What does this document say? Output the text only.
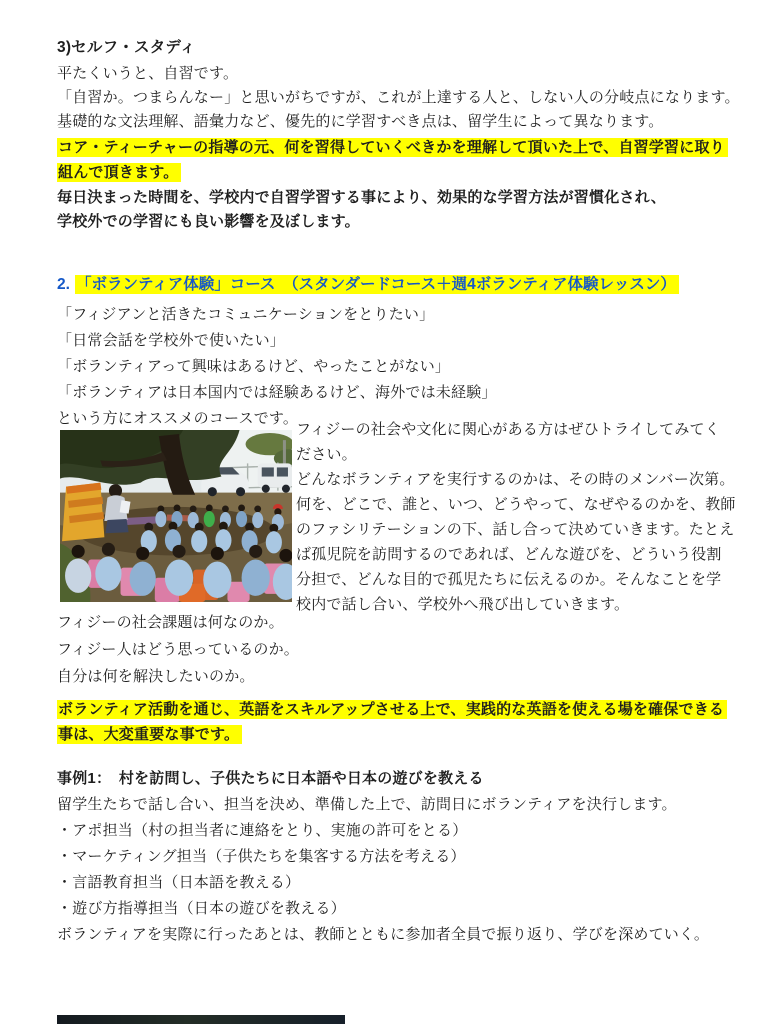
3)セルフ・スタディ
平たくいうと、自習です。
「自習か。つまらんなー」と思いがちですが、これが上達する人と、しない人の分岐点になります。
基礎的な文法理解、語彙力など、優先的に学習すべき点は、留学生によって異なります。
コア・ティーチャーの指導の元、何を習得していくべきかを理解して頂いた上で、自習学習に取り
組んで頂きます。
毎日決まった時間を、学校内で自習学習する事により、効果的な学習方法が習慣化され、
学校外での学習にも良い影響を及ぼします。
2. 「ボランティア体験」コース　（スタンダードコース＋週4ボランティア体験レッスン）
「フィジアンと活きたコミュニケーションをとりたい」
「日常会話を学校外で使いたい」
「ボランティアって興味はあるけど、やったことがない」
「ボランティアは日本国内では経験あるけど、海外では未経験」
という方にオススメのコースです。
フィジーの社会や文化に関心がある方はぜひトライしてみてく
ださい。
どんなボランティアを実行するのかは、その時のメンバー次第。
何を、どこで、誰と、いつ、どうやって、なぜやるのかを、教師
のファシリテーションの下、話し合って決めていきます。たとえ
ば孤児院を訪問するのであれば、どんな遊びを、どういう役割
分担で、どんな目的で孤児たちに伝えるのか。そんなことを学
校内で話し合い、学校外へ飛び出していきます。
フィジーの社会課題は何なのか。
フィジー人はどう思っているのか。
自分は何を解決したいのか。
ボランティア活動を通じ、英語をスキルアップさせる上で、実践的な英語を使える場を確保できる
事は、大変重要な事です。
事例1：　村を訪問し、子供たちに日本語や日本の遊びを教える
留学生たちで話し合い、担当を決め、準備した上で、訪問日にボランティアを決行します。
・アポ担当（村の担当者に連絡をとり、実施の許可をとる）
・マーケティング担当（子供たちを集客する方法を考える）
・言語教育担当（日本語を教える）
・遊び方指導担当（日本の遊びを教える）
ボランティアを実際に行ったあとは、教師とともに参加者全員で振り返り、学びを深めていく。
